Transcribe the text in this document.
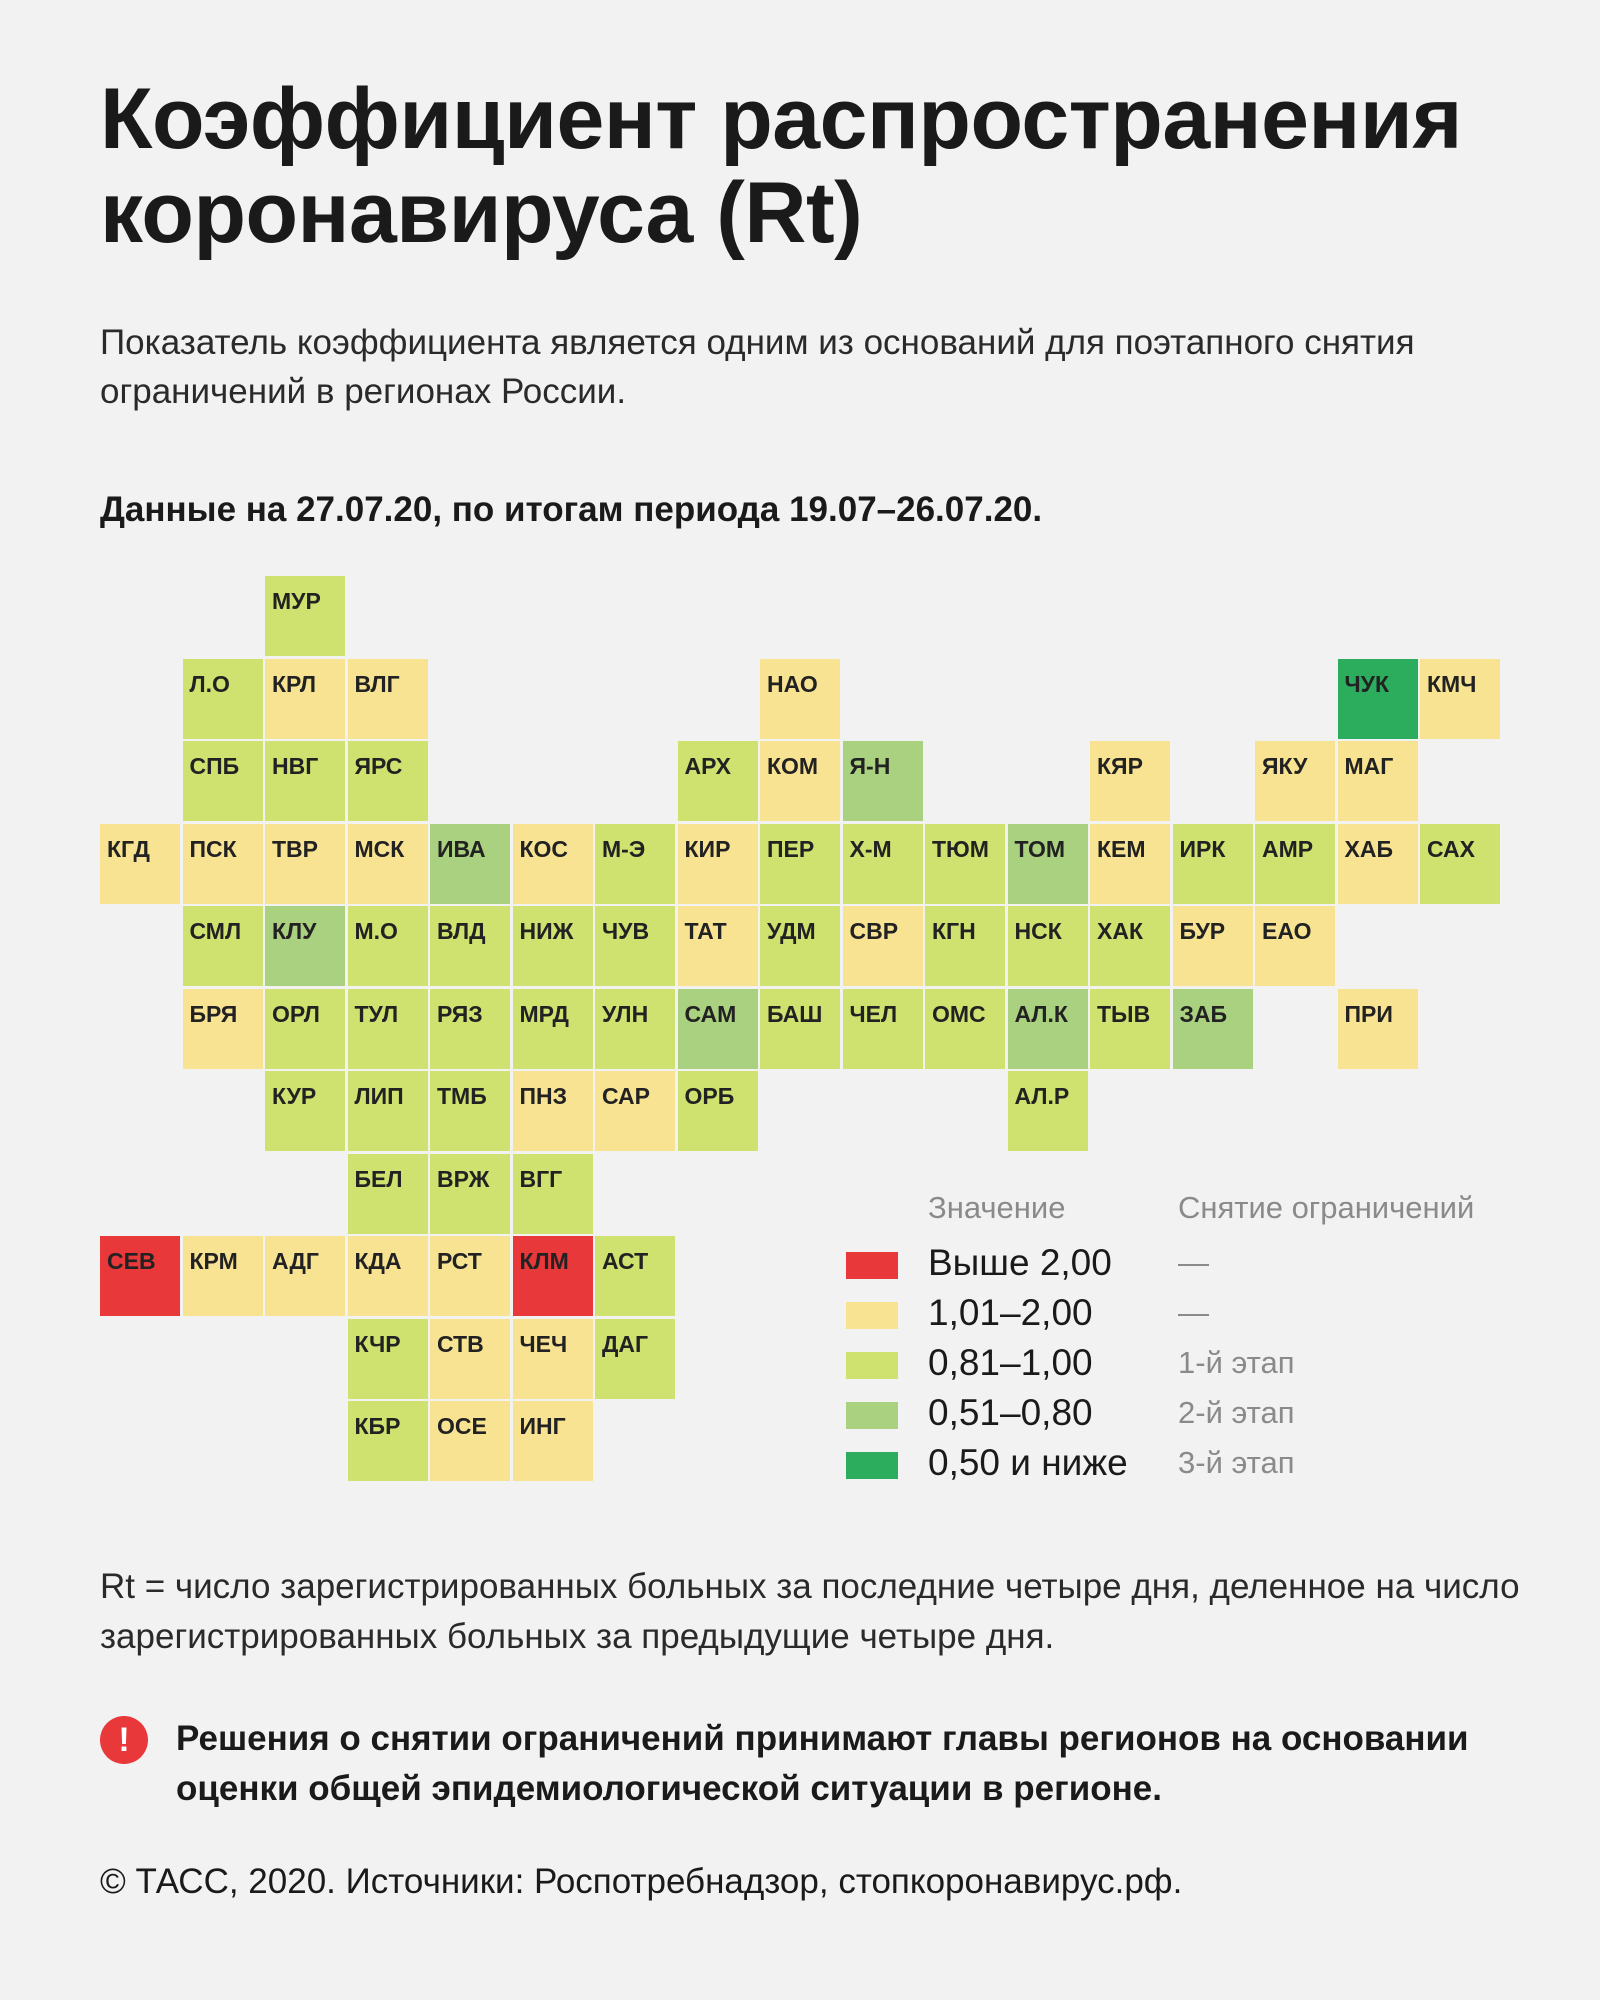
Коэффициент распространения коронавируса (Rt)
Показатель коэффициента является одним из оснований для поэтапного снятия ограничений в регионах России.
Данные на 27.07.20, по итогам периода 19.07–26.07.20.
МУР
Л.О	КРЛ	ВЛГ	НАО	ЧУК	КМЧ
СПБ	НВГ	ЯРС	АРХ	КОМ	Я-Н	КЯР	ЯКУ	МАГ
КГД	ПСК	ТВР	МСК	ИВА	КОС	М-Э	КИР	ПЕР	Х-М	ТЮМ	ТОМ	КЕМ	ИРК	АМР	ХАБ	САХ
СМЛ	КЛУ	М.О	ВЛД	НИЖ	ЧУВ	ТАТ	УДМ	СВР	КГН	НСК	ХАК	БУР	ЕАО
БРЯ	ОРЛ	ТУЛ	РЯЗ	МРД	УЛН	САМ	БАШ	ЧЕЛ	ОМС	АЛ.К	ТЫВ	ЗАБ	ПРИ
КУР	ЛИП	ТМБ	ПНЗ	САР	ОРБ	АЛ.Р
БЕЛ	ВРЖ	ВГГ
СЕВ	КРМ	АДГ	КДА	РСТ	КЛМ	АСТ
КЧР	СТВ	ЧЕЧ	ДАГ
КБР	ОСЕ	ИНГ
Значение	Снятие ограничений
Выше 2,00 —
1,01–2,00	—
0,81–1,00	1-й этап
0,51–0,80	2-й этап
0,50 и ниже 3-й этап
Rt = число зарегистрированных больных за последние четыре дня, деленное на число зарегистрированных больных за предыдущие четыре дня.
!	Решения о снятии ограничений принимают главы регионов на основании оценки общей эпидемиологической ситуации в регионе.
© ТАСС, 2020. Источники: Роспотребнадзор, стопкоронавирус.рф.
